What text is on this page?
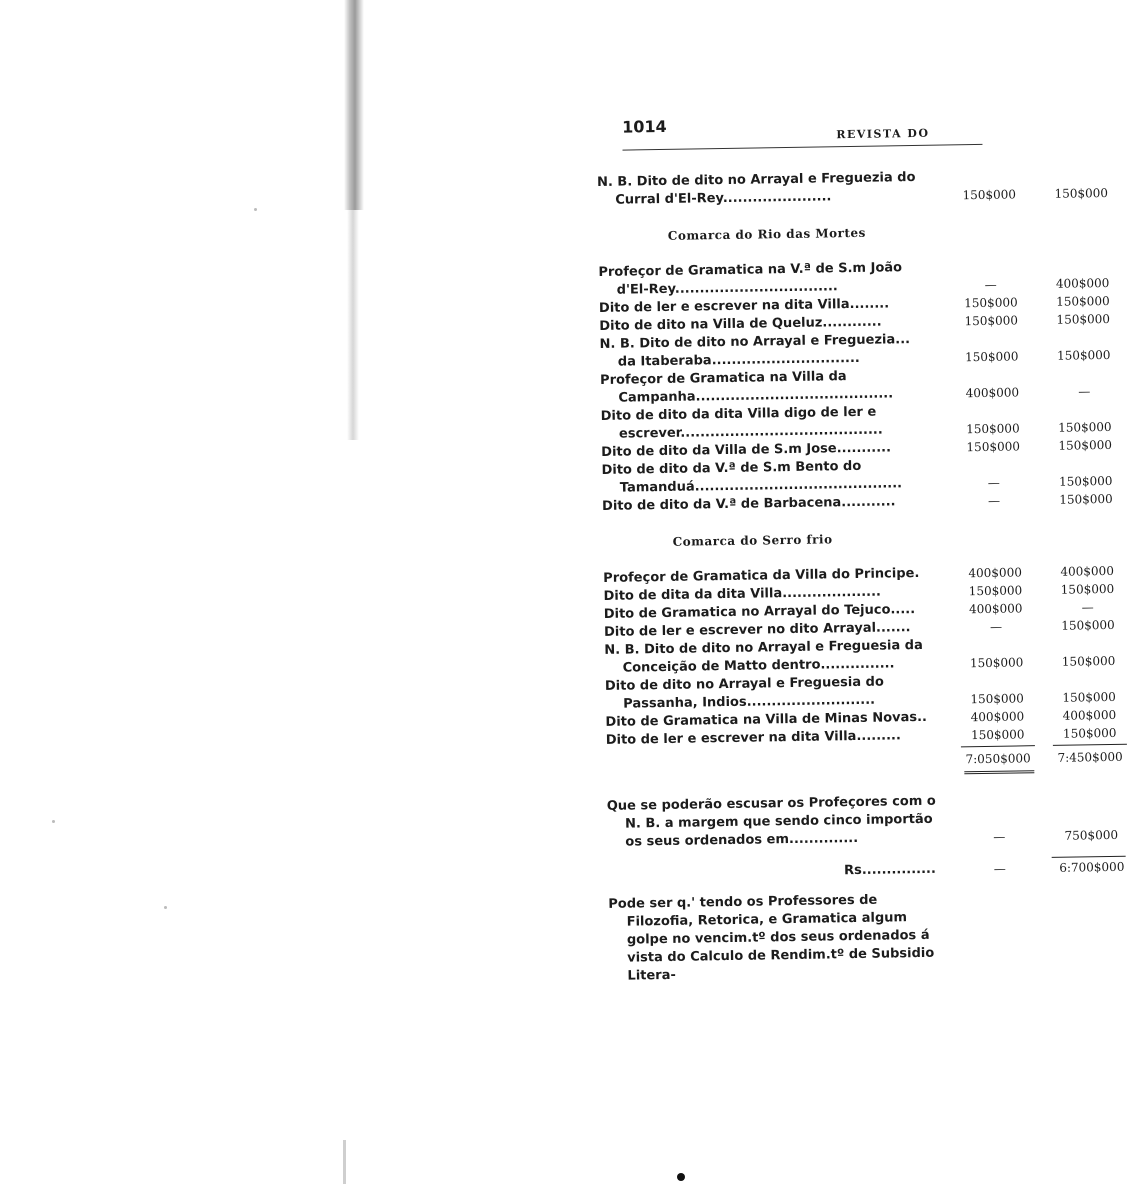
1014	REVISTA DO
N. B. Dito de dito no Arrayal e Freguezia do Curral d'El-Rey......................	150$000	150$000
Comarca do Rio das Mortes
Profeçor de Gramatica na V.ª de S.m João d'El-Rey.................................	—	400$000
Dito de ler e escrever na dita Villa........	150$000	150$000
Dito de dito na Villa de Queluz............	150$000	150$000
N. B. Dito de dito no Arrayal e Freguezia... da Itaberaba..............................	150$000	150$000
Profeçor de Gramatica na Villa da Campanha........................................	400$000	—
Dito de dito da dita Villa digo de ler e escrever.........................................	150$000	150$000
Dito de dito da Villa de S.m Jose...........	150$000	150$000
Dito de dito da V.ª de S.m Bento do Tamanduá..........................................	—	150$000
Dito de dito da V.ª de Barbacena...........	—	150$000
Comarca do Serro frio
Profeçor de Gramatica da Villa do Principe.	400$000	400$000
Dito de dita da dita Villa....................	150$000	150$000
Dito de Gramatica no Arrayal do Tejuco.....	400$000	—
Dito de ler e escrever no dito Arrayal.......	—	150$000
N. B. Dito de dito no Arrayal e Freguesia da Conceição de Matto dentro...............	150$000	150$000
Dito de dito no Arrayal e Freguesia do Passanha, Indios..........................	150$000	150$000
Dito de Gramatica na Villa de Minas Novas..	400$000	400$000
Dito de ler e escrever na dita Villa.........	150$000	150$000
7:050$000	7:450$000
Que se poderão escusar os Profeçores com o N. B. a margem que sendo cinco importão os seus ordenados em..............	—	750$000
Rs...............	—	6:700$000
Pode ser q.' tendo os Professores de Filozofia, Retorica, e Gramatica algum golpe no vencim.tº dos seus ordenados á vista do Calculo de Rendim.tº de Subsidio Litera-
